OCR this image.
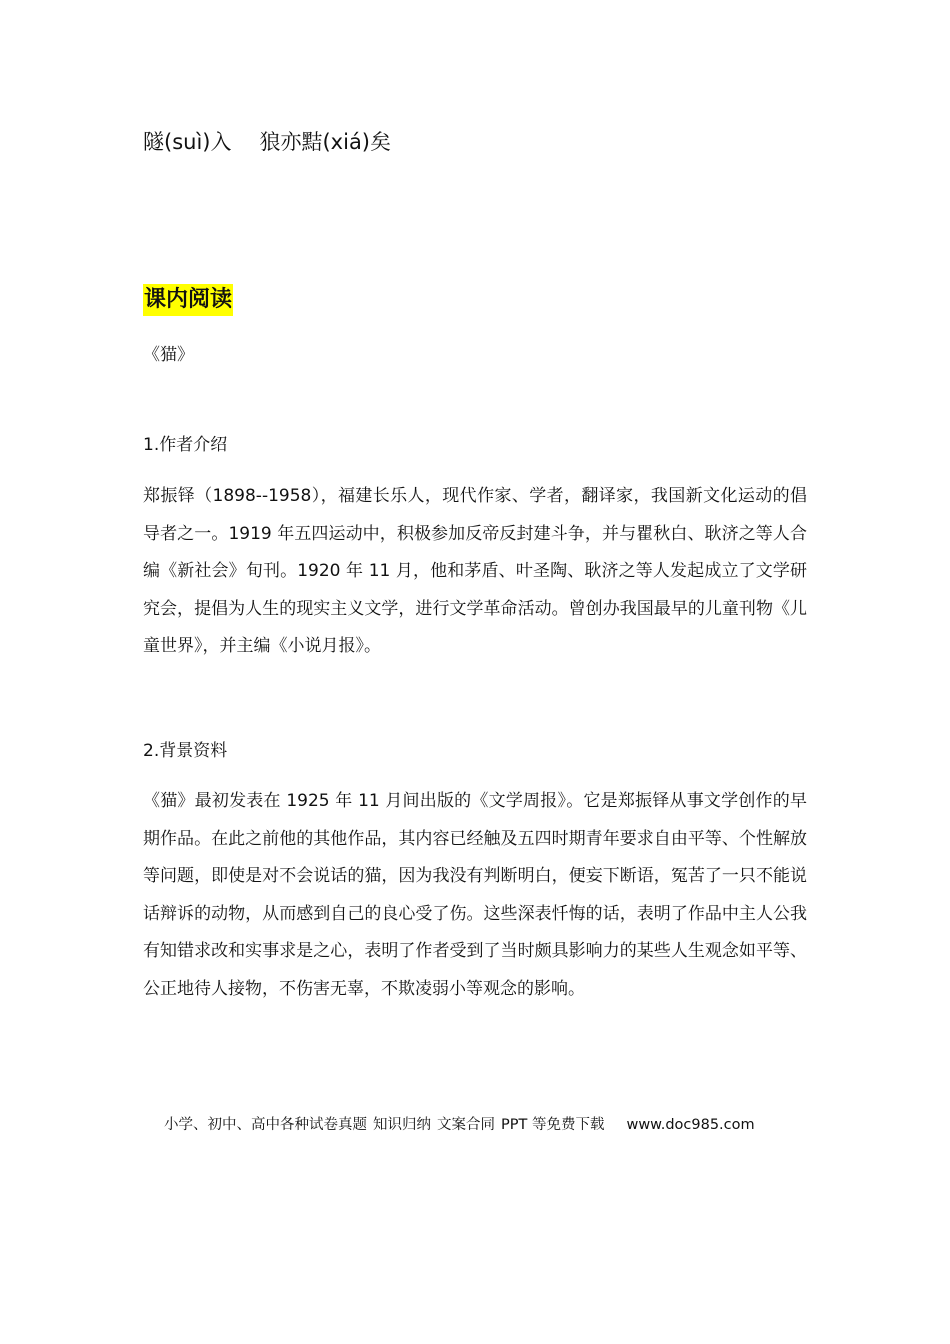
隧(suì)入 狼亦黠(xiá)矣
课内阅读
《猫》
1.作者介绍

郑振铎（1898--1958），福建长乐人，现代作家、学者，翻译家，我国新文化运动的倡导者之一。1919 年五四运动中，积极参加反帝反封建斗争，并与瞿秋白、耿济之等人合编《新社会》旬刊。1920 年 11 月，他和茅盾、叶圣陶、耿济之等人发起成立了文学研究会，提倡为人生的现实主义文学，进行文学革命活动。曾创办我国最早的儿童刊物《儿童世界》，并主编《小说月报》。

2.背景资料

《猫》最初发表在 1925 年 11 月间出版的《文学周报》。它是郑振铎从事文学创作的早期作品。在此之前他的其他作品，其内容已经触及五四时期青年要求自由平等、个性解放等问题，即使是对不会说话的猫，因为我没有判断明白，便妄下断语，冤苦了一只不能说话辩诉的动物，从而感到自己的良心受了伤。这些深表忏悔的话，表明了作品中主人公我有知错求改和实事求是之心，表明了作者受到了当时颇具影响力的某些人生观念如平等、公正地待人接物，不伤害无辜，不欺凌弱小等观念的影响。

小学、初中、高中各种试卷真题 知识归纳 文案合同 PPT 等免费下载 www.doc985.com
